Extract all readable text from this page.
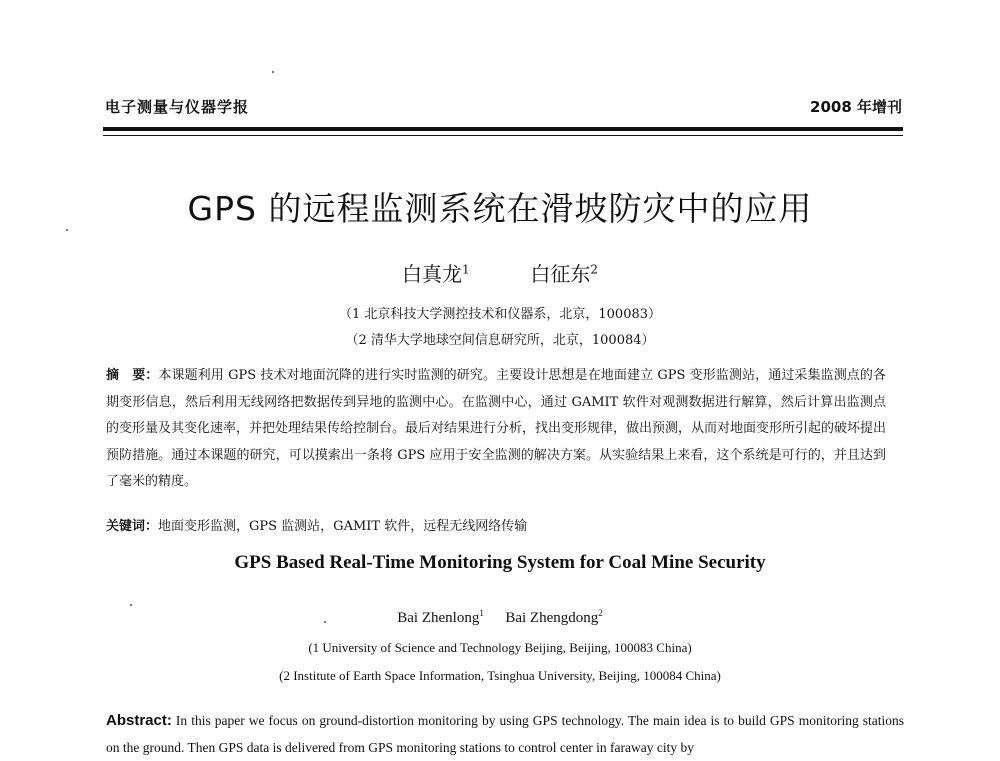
电子测量与仪器学报	2008 年增刊
GPS 的远程监测系统在滑坡防灾中的应用
白真龙$^1$	白征东$^2$
（1 北京科技大学测控技术和仪器系，北京，100083）
（2 清华大学地球空间信息研究所，北京，100084）
摘　要：本课题利用 GPS 技术对地面沉降的进行实时监测的研究。主要设计思想是在地面建立 GPS 变形监测站，通过采集监测点的各期变形信息，然后利用无线网络把数据传到异地的监测中心。在监测中心，通过 GAMIT 软件对观测数据进行解算，然后计算出监测点的变形量及其变化速率，并把处理结果传给控制台。最后对结果进行分析，找出变形规律，做出预测，从而对地面变形所引起的破坏提出预防措施。通过本课题的研究，可以摸索出一条将 GPS 应用于安全监测的解决方案。从实验结果上来看，这个系统是可行的，并且达到了毫米的精度。
关键词：地面变形监测，GPS 监测站，GAMIT 软件，远程无线网络传输
GPS Based Real-Time Monitoring System for Coal Mine Security
Bai Zhenlong$^1$ Bai Zhengdong$^2$
(1 University of Science and Technology Beijing, Beijing, 100083 China)
(2 Institute of Earth Space Information, Tsinghua University, Beijing, 100084 China)
Abstract: In this paper we focus on ground-distortion monitoring by using GPS technology. The main idea is to build GPS monitoring stations on the ground. Then GPS data is delivered from GPS monitoring stations to control center in faraway city by
